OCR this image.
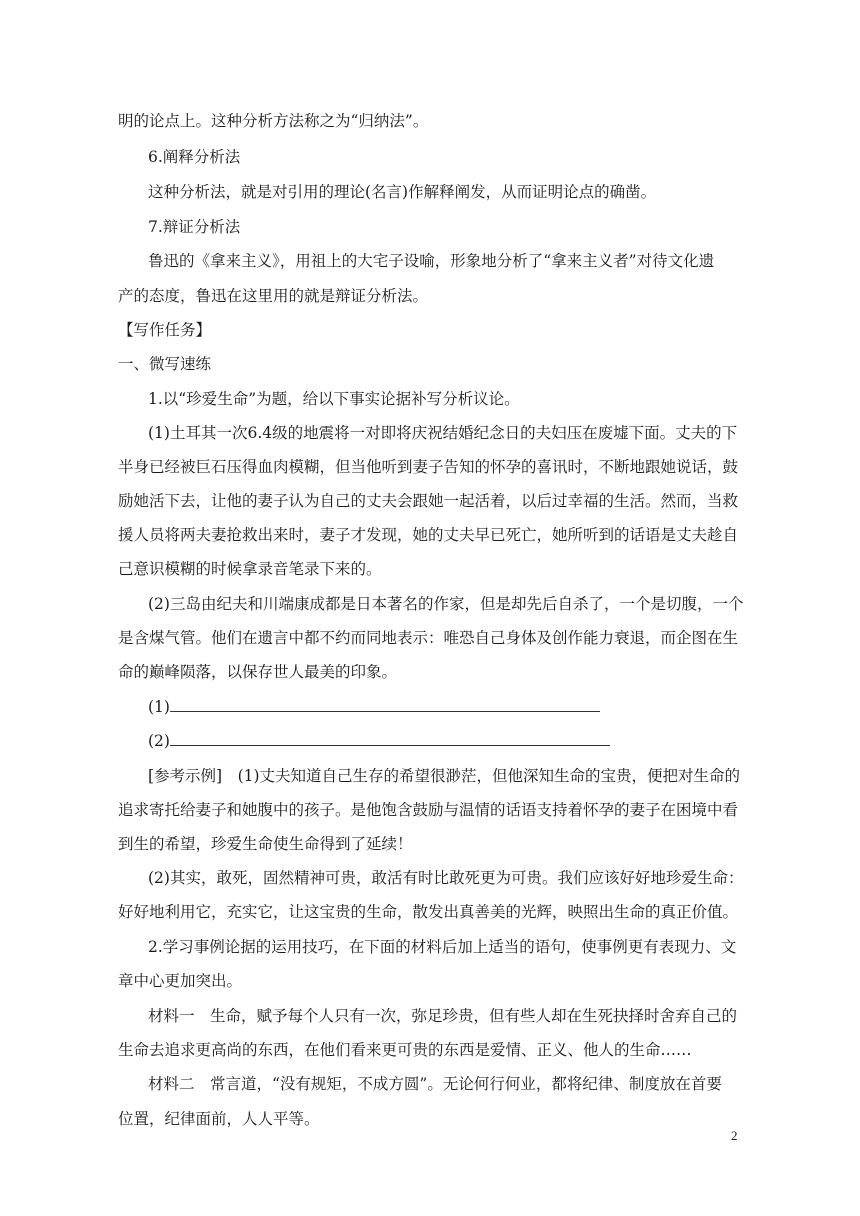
明的论点上。这种分析方法称之为“归纳法”。
6.阐释分析法
这种分析法，就是对引用的理论(名言)作解释阐发，从而证明论点的确凿。
7.辩证分析法
鲁迅的《拿来主义》，用祖上的大宅子设喻，形象地分析了“拿来主义者”对待文化遗
产的态度，鲁迅在这里用的就是辩证分析法。
【写作任务】
一、微写速练
1.以“珍爱生命”为题，给以下事实论据补写分析议论。
(1)土耳其一次6.4级的地震将一对即将庆祝结婚纪念日的夫妇压在废墟下面。丈夫的下
半身已经被巨石压得血肉模糊，但当他听到妻子告知的怀孕的喜讯时，不断地跟她说话，鼓
励她活下去，让他的妻子认为自己的丈夫会跟她一起活着，以后过幸福的生活。然而，当救
援人员将两夫妻抢救出来时，妻子才发现，她的丈夫早已死亡，她所听到的话语是丈夫趁自
己意识模糊的时候拿录音笔录下来的。
(2)三岛由纪夫和川端康成都是日本著名的作家，但是却先后自杀了，一个是切腹，一个
是含煤气管。他们在遗言中都不约而同地表示：唯恐自己身体及创作能力衰退，而企图在生
命的巅峰陨落，以保存世人最美的印象。
(1)
(2)
[参考示例]　(1)丈夫知道自己生存的希望很渺茫，但他深知生命的宝贵，便把对生命的
追求寄托给妻子和她腹中的孩子。是他饱含鼓励与温情的话语支持着怀孕的妻子在困境中看
到生的希望，珍爱生命使生命得到了延续！
(2)其实，敢死，固然精神可贵，敢活有时比敢死更为可贵。我们应该好好地珍爱生命：
好好地利用它，充实它，让这宝贵的生命，散发出真善美的光辉，映照出生命的真正价值。
2.学习事例论据的运用技巧，在下面的材料后加上适当的语句，使事例更有表现力、文
章中心更加突出。
材料一　生命，赋予每个人只有一次，弥足珍贵，但有些人却在生死抉择时舍弃自己的
生命去追求更高尚的东西，在他们看来更可贵的东西是爱情、正义、他人的生命……
材料二　常言道，“没有规矩，不成方圆”。无论何行何业，都将纪律、制度放在首要
位置，纪律面前，人人平等。
2
